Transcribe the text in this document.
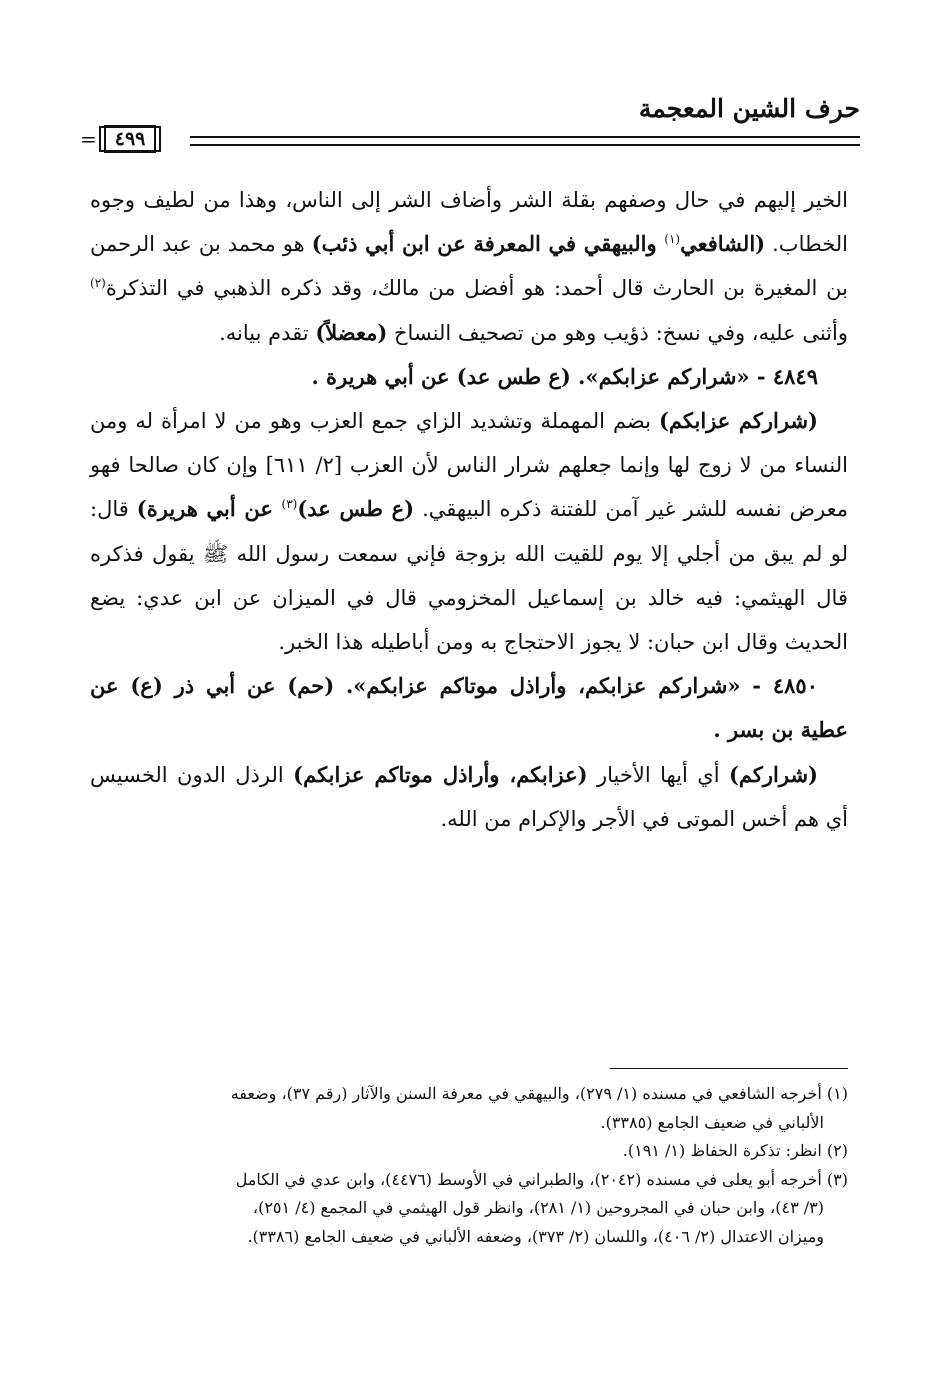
حرف الشين المعجمة
= ٤٩٩

الخير إليهم في حال وصفهم بقلة الشر وأضاف الشر إلى الناس، وهذا من لطيف وجوه الخطاب. (الشافعي$^{(١)}$ والبيهقي في المعرفة عن ابن أبي ذئب) هو محمد بن عبد الرحمن بن المغيرة بن الحارث قال أحمد: هو أفضل من مالك، وقد ذكره الذهبي في التذكرة$^{(٢)}$ وأثنى عليه، وفي نسخ: ذؤيب وهو من تصحيف النساخ (معضلاً) تقدم بيانه.

٤٨٤٩ - «شراركم عزابكم». (ع طس عد) عن أبي هريرة .

(شراركم عزابكم) بضم المهملة وتشديد الزاي جمع العزب وهو من لا امرأة له ومن النساء من لا زوج لها وإنما جعلهم شرار الناس لأن العزب [٢/ ٦١١] وإن كان صالحا فهو معرض نفسه للشر غير آمن للفتنة ذكره البيهقي. (ع طس عد)$^{(٣)}$ عن أبي هريرة) قال: لو لم يبق من أجلي إلا يوم للقيت الله بزوجة فإني سمعت رسول الله ﷺ يقول فذكره قال الهيثمي: فيه خالد بن إسماعيل المخزومي قال في الميزان عن ابن عدي: يضع الحديث وقال ابن حبان: لا يجوز الاحتجاج به ومن أباطيله هذا الخبر.

٤٨٥٠ - «شراركم عزابكم، وأراذل موتاكم عزابكم». (حم) عن أبي ذر (ع) عن عطية بن بسر .

(شراركم) أي أيها الأخيار (عزابكم، وأراذل موتاكم عزابكم) الرذل الدون الخسيس أي هم أخس الموتى في الأجر والإكرام من الله.

(١) أخرجه الشافعي في مسنده (١/ ٢٧٩)، والبيهقي في معرفة السنن والآثار (رقم ٣٧)، وضعفه

الألباني في ضعيف الجامع (٣٣٨٥).

(٢) انظر: تذكرة الحفاظ (١/ ١٩١).

(٣) أخرجه أبو يعلى في مسنده (٢٠٤٢)، والطبراني في الأوسط (٤٤٧٦)، وابن عدي في الكامل

(٣/ ٤٣)، وابن حبان في المجروحين (١/ ٢٨١)، وانظر قول الهيثمي في المجمع (٤/ ٢٥١)،

وميزان الاعتدال (٢/ ٤٠٦)، واللسان (٢/ ٣٧٣)، وضعفه الألباني في ضعيف الجامع (٣٣٨٦).
